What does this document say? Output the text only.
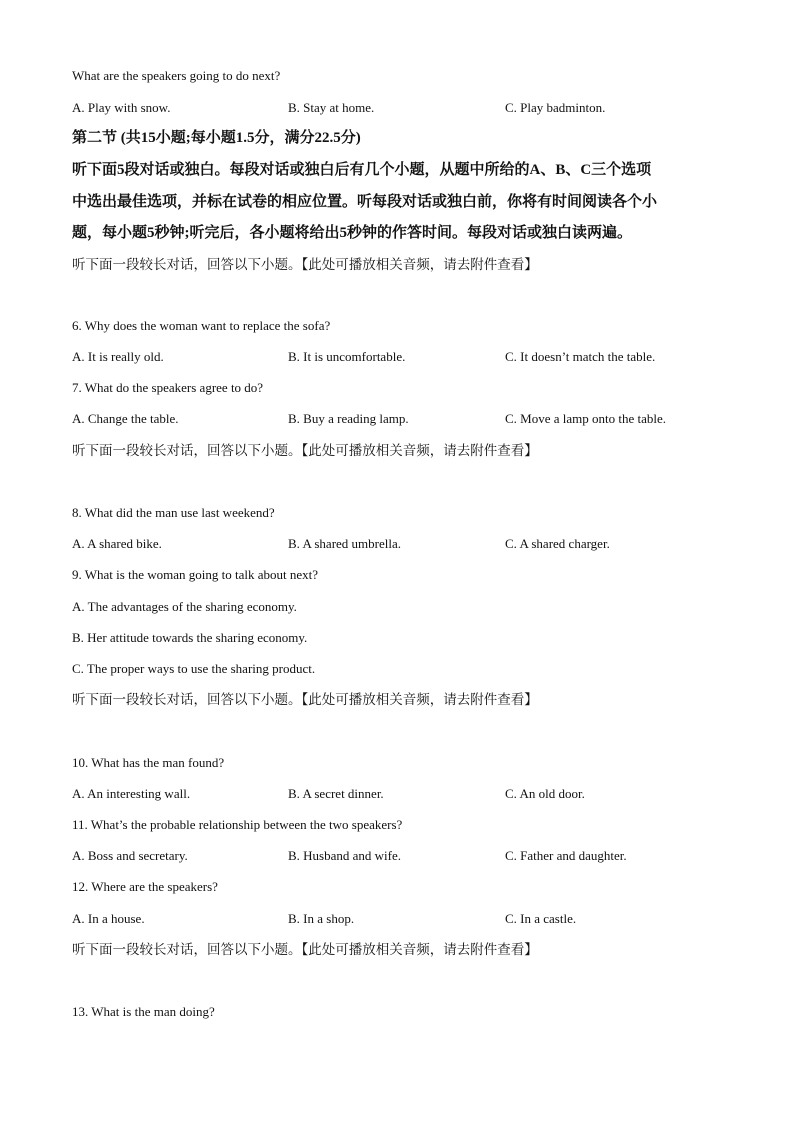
What are the speakers going to do next?
A. Play with snow.	B. Stay at home.	C. Play badminton.
第二节 (共15小题;每小题1.5分，满分22.5分)
听下面5段对话或独白。每段对话或独白后有几个小题，从题中所给的A、B、C三个选项
中选出最佳选项，并标在试卷的相应位置。听每段对话或独白前，你将有时间阅读各个小
题，每小题5秒钟;听完后，各小题将给出5秒钟的作答时间。每段对话或独白读两遍。
听下面一段较长对话，回答以下小题。【此处可播放相关音频，请去附件查看】
6. Why does the woman want to replace the sofa?
A. It is really old.	B. It is uncomfortable.	C. It doesn’t match the table.
7. What do the speakers agree to do?
A. Change the table.	B. Buy a reading lamp.	C. Move a lamp onto the table.
听下面一段较长对话，回答以下小题。【此处可播放相关音频，请去附件查看】
8. What did the man use last weekend?
A. A shared bike.	B. A shared umbrella.	C. A shared charger.
9. What is the woman going to talk about next?
A. The advantages of the sharing economy.
B. Her attitude towards the sharing economy.
C. The proper ways to use the sharing product.
听下面一段较长对话，回答以下小题。【此处可播放相关音频，请去附件查看】
10. What has the man found?
A. An interesting wall.	B. A secret dinner.	C. An old door.
11. What’s the probable relationship between the two speakers?
A. Boss and secretary.	B. Husband and wife.	C. Father and daughter.
12. Where are the speakers?
A. In a house.	B. In a shop.	C. In a castle.
听下面一段较长对话，回答以下小题。【此处可播放相关音频，请去附件查看】
13. What is the man doing?
